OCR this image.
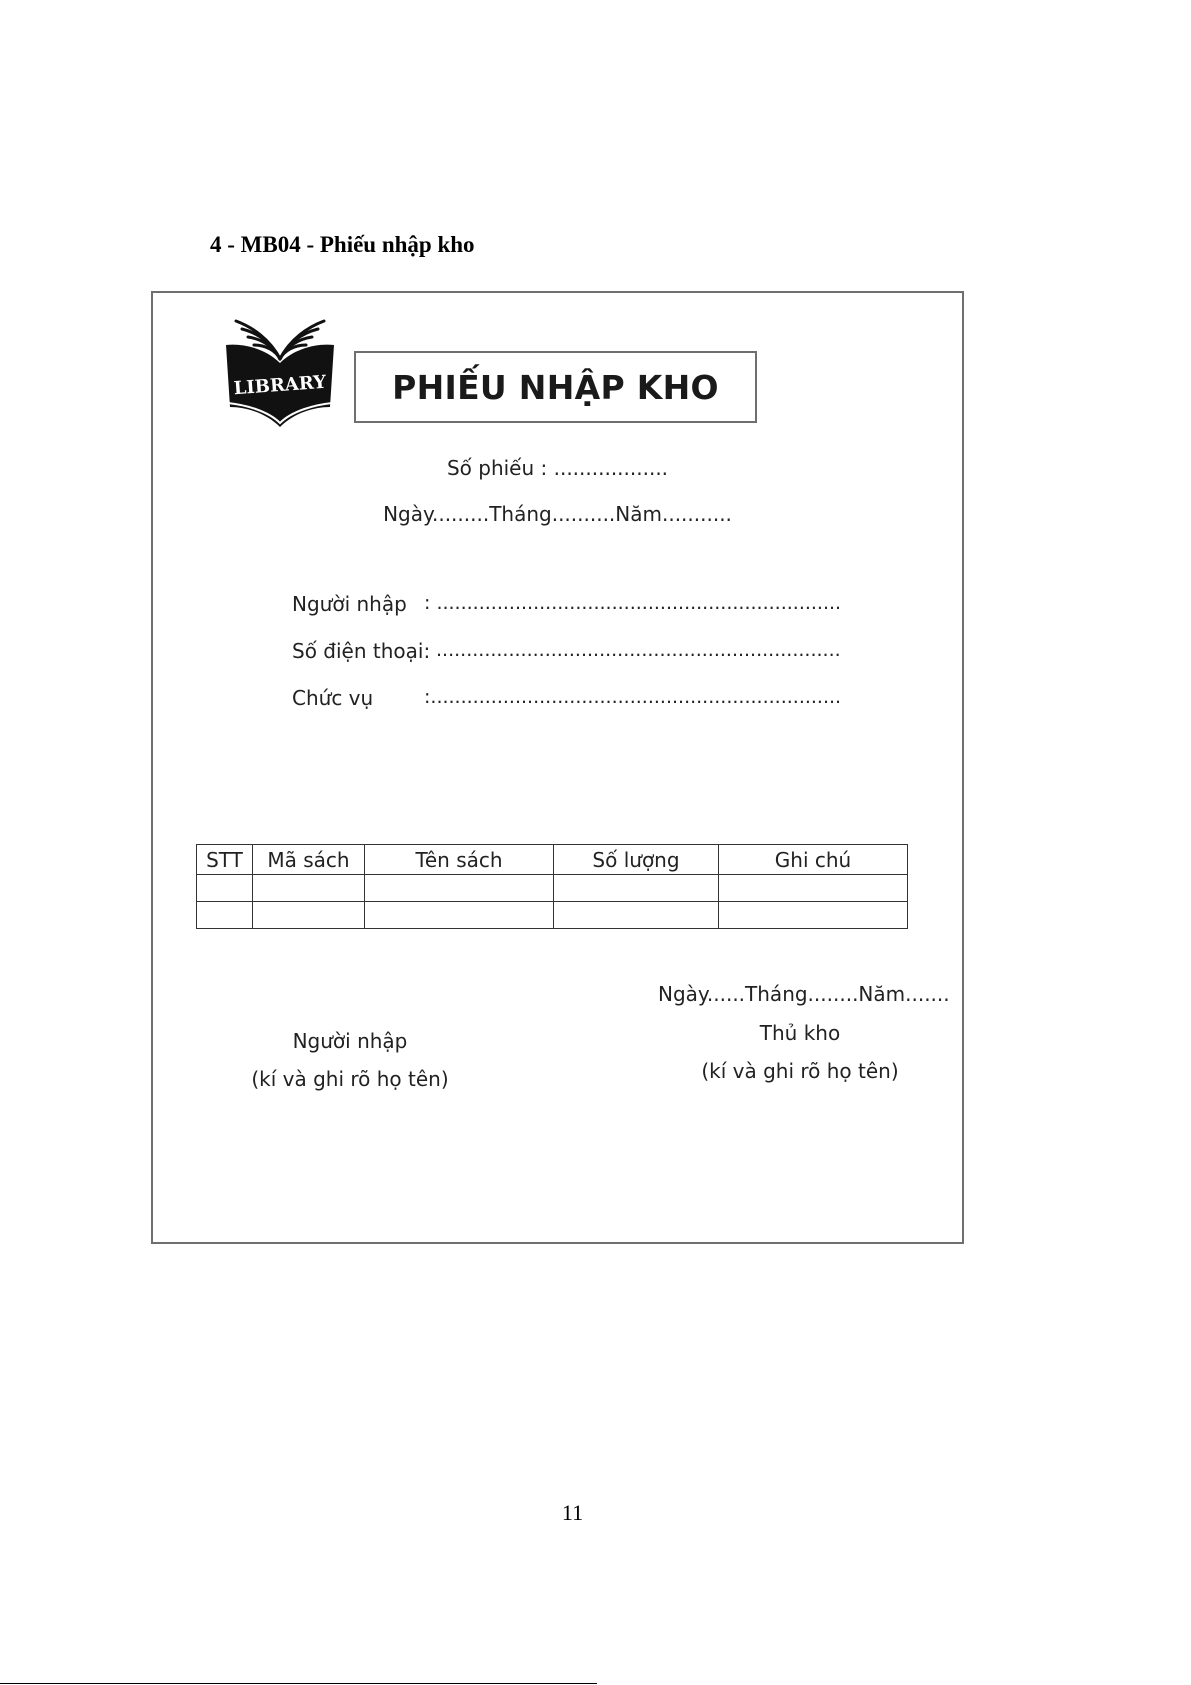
4 - MB04 - Phiếu nhập kho
LIBRARY	PHIẾU NHẬP KHO
Số phiếu : ..................
Ngày.........Tháng..........Năm...........
Người nhập : ...................................................................
Số điện thoại: ...................................................................
Chức vụ	:....................................................................
STT	Mã sách	Tên sách	Số lượng	Ghi chú

Ngày......Tháng........Năm.......
Người nhập
(kí và ghi rõ họ tên)
Thủ kho
(kí và ghi rõ họ tên)
11
